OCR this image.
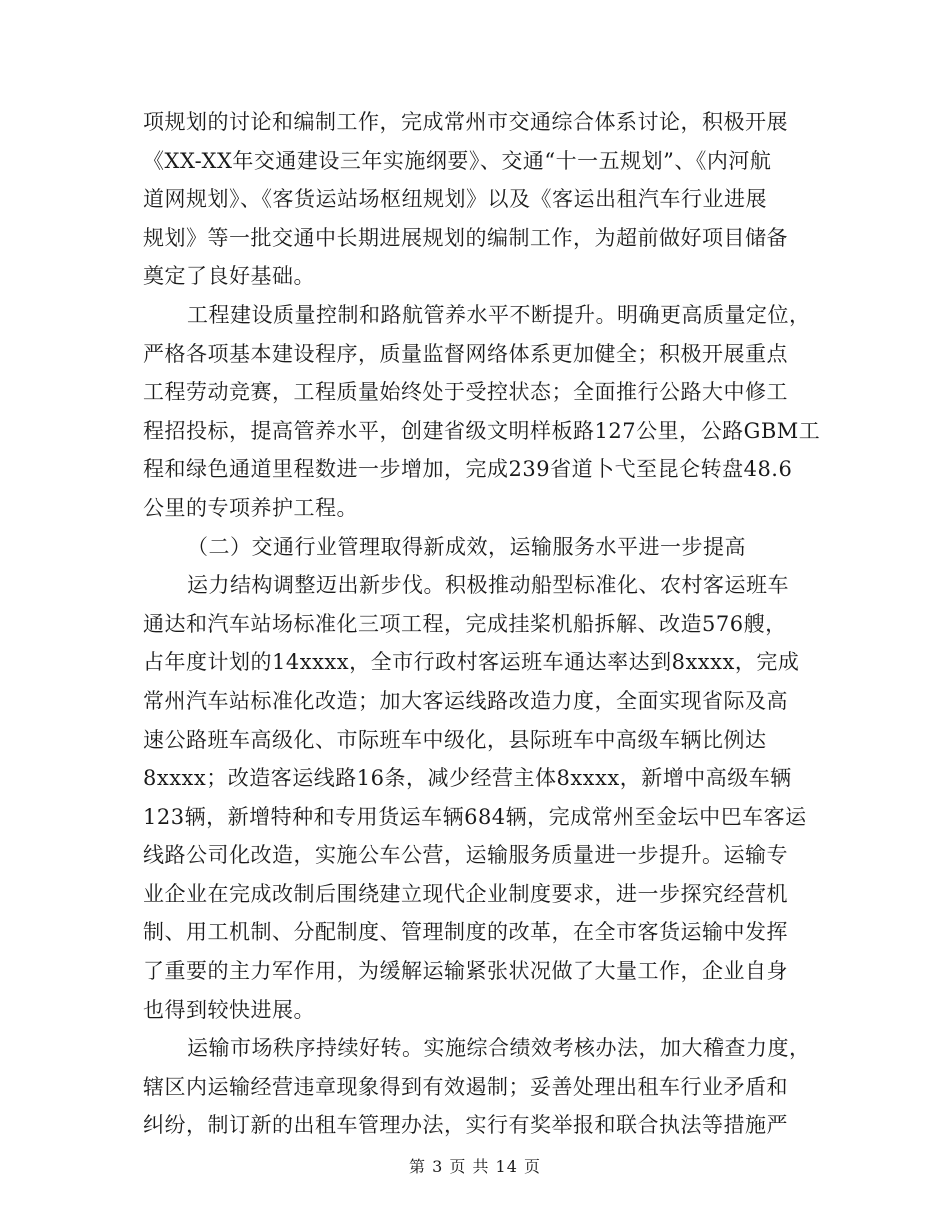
项规划的讨论和编制工作，完成常州市交通综合体系讨论，积极开展
《XX-XX年交通建设三年实施纲要》、交通“十一五规划”、《内河航
道网规划》、《客货运站场枢纽规划》以及《客运出租汽车行业进展
规划》等一批交通中长期进展规划的编制工作，为超前做好项目储备
奠定了良好基础。
工程建设质量控制和路航管养水平不断提升。明确更高质量定位，
严格各项基本建设程序，质量监督网络体系更加健全；积极开展重点
工程劳动竞赛，工程质量始终处于受控状态；全面推行公路大中修工
程招投标，提高管养水平，创建省级文明样板路127公里，公路GBM工
程和绿色通道里程数进一步增加，完成239省道卜弋至昆仑转盘48.6
公里的专项养护工程。
（二）交通行业管理取得新成效，运输服务水平进一步提高
运力结构调整迈出新步伐。积极推动船型标准化、农村客运班车
通达和汽车站场标准化三项工程，完成挂桨机船拆解、改造576艘，
占年度计划的14xxxx，全市行政村客运班车通达率达到8xxxx，完成
常州汽车站标准化改造；加大客运线路改造力度，全面实现省际及高
速公路班车高级化、市际班车中级化，县际班车中高级车辆比例达
8xxxx；改造客运线路16条，减少经营主体8xxxx，新增中高级车辆
123辆，新增特种和专用货运车辆684辆，完成常州至金坛中巴车客运
线路公司化改造，实施公车公营，运输服务质量进一步提升。运输专
业企业在完成改制后围绕建立现代企业制度要求，进一步探究经营机
制、用工机制、分配制度、管理制度的改革，在全市客货运输中发挥
了重要的主力军作用，为缓解运输紧张状况做了大量工作，企业自身
也得到较快进展。
运输市场秩序持续好转。实施综合绩效考核办法，加大稽查力度，
辖区内运输经营违章现象得到有效遏制；妥善处理出租车行业矛盾和
纠纷，制订新的出租车管理办法，实行有奖举报和联合执法等措施严
第 3 页 共 14 页
